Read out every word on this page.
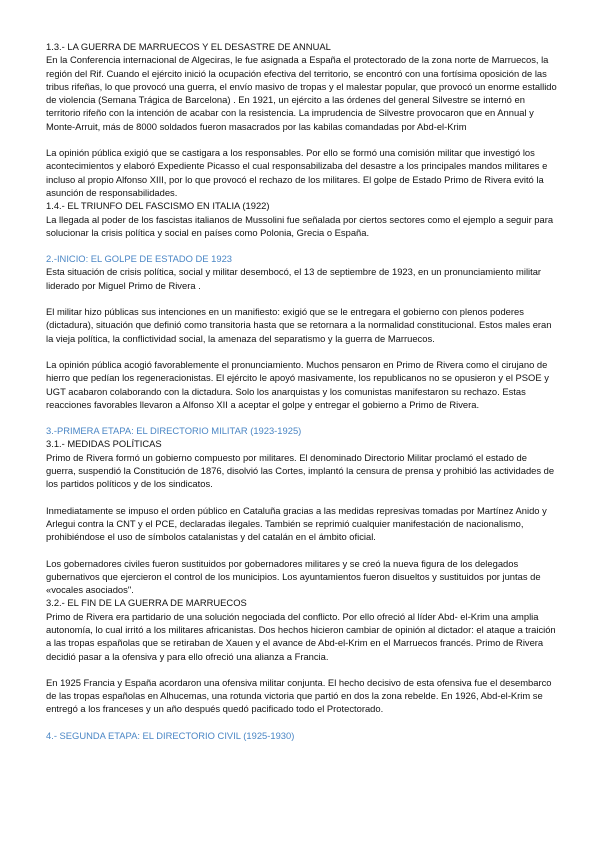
1.3.- LA GUERRA DE MARRUECOS Y EL DESASTRE DE ANNUAL

En la Conferencia internacional de Algeciras, le fue asignada a España el protectorado de la zona norte de Marruecos, la región del Rif. Cuando el ejército inició la ocupación efectiva del territorio, se encontró con una fortísima oposición de las tribus rifeñas, lo que provocó una guerra, el envío masivo de tropas y el malestar popular, que provocó un enorme estallido de violencia (Semana Trágica de Barcelona) . En 1921, un ejército a las órdenes del general Silvestre se internó en territorio rifeño con la intención de acabar con la resistencia. La imprudencia de Silvestre provocaron que en Annual y Monte-Arruit, más de 8000 soldados fueron masacrados por las kabilas comandadas por Abd-el-Krim

La opinión pública exigió que se castigara a los responsables. Por ello se formó una comisión militar que investigó los acontecimientos y elaboró Expediente Picasso el cual responsabilizaba del desastre a los principales mandos militares e incluso al propio Alfonso XIII, por lo que provocó el rechazo de los militares. El golpe de Estado Primo de Rivera evitó la asunción de responsabilidades.

1.4.- EL TRIUNFO DEL FASCISMO EN ITALIA (1922)

La llegada al poder de los fascistas italianos de Mussolini fue señalada por ciertos sectores como el ejemplo a seguir para solucionar la crisis política y social en países como Polonia, Grecia o España.

2.-INICIO: EL GOLPE DE ESTADO DE 1923

Esta situación de crisis política, social y militar desembocó, el 13 de septiembre de 1923, en un pronunciamiento militar liderado por Miguel Primo de Rivera .

El militar hizo públicas sus intenciones en un manifiesto: exigió que se le entregara el gobierno con plenos poderes (dictadura), situación que definió como transitoria hasta que se retornara a la normalidad constitucional. Estos males eran la vieja política, la conflictividad social, la amenaza del separatismo y la guerra de Marruecos.

La opinión pública acogió favorablemente el pronunciamiento. Muchos pensaron en Primo de Rivera como el cirujano de hierro que pedían los regeneracionistas. El ejército le apoyó masivamente, los republicanos no se opusieron y el PSOE y UGT acabaron colaborando con la dictadura. Solo los anarquistas y los comunistas manifestaron su rechazo. Estas reacciones favorables llevaron a Alfonso XII a aceptar el golpe y entregar el gobierno a Primo de Rivera.

3.-PRIMERA ETAPA: EL DIRECTORIO MILITAR (1923-1925)

3.1.- MEDIDAS POLÍTICAS

Primo de Rivera formó un gobierno compuesto por militares. El denominado Directorio Militar proclamó el estado de guerra, suspendió la Constitución de 1876, disolvió las Cortes, implantó la censura de prensa y prohibió las actividades de los partidos políticos y de los sindicatos.

Inmediatamente se impuso el orden público en Cataluña gracias a las medidas represivas tomadas por Martínez Anido y Arlegui contra la CNT y el PCE, declaradas ilegales. También se reprimió cualquier manifestación de nacionalismo, prohibiéndose el uso de símbolos catalanistas y del catalán en el ámbito oficial.

Los gobernadores civiles fueron sustituidos por gobernadores militares y se creó la nueva figura de los delegados gubernativos que ejercieron el control de los municipios. Los ayuntamientos fueron disueltos y sustituidos por juntas de «vocales asociados".

3.2.- EL FIN DE LA GUERRA DE MARRUECOS

Primo de Rivera era partidario de una solución negociada del conflicto. Por ello ofreció al líder Abd- el-Krim una amplia autonomía, lo cual irritó a los militares africanistas. Dos hechos hicieron cambiar de opinión al dictador: el ataque a traición a las tropas españolas que se retiraban de Xauen y el avance de Abd-el-Krim en el Marruecos francés. Primo de Rivera decidió pasar a la ofensiva y para ello ofreció una alianza a Francia.

En 1925 Francia y España acordaron una ofensiva militar conjunta. El hecho decisivo de esta ofensiva fue el desembarco de las tropas españolas en Alhucemas, una rotunda victoria que partió en dos la zona rebelde. En 1926, Abd-el-Krim se entregó a los franceses y un año después quedó pacificado todo el Protectorado.

4.- SEGUNDA ETAPA: EL DIRECTORIO CIVIL (1925-1930)
